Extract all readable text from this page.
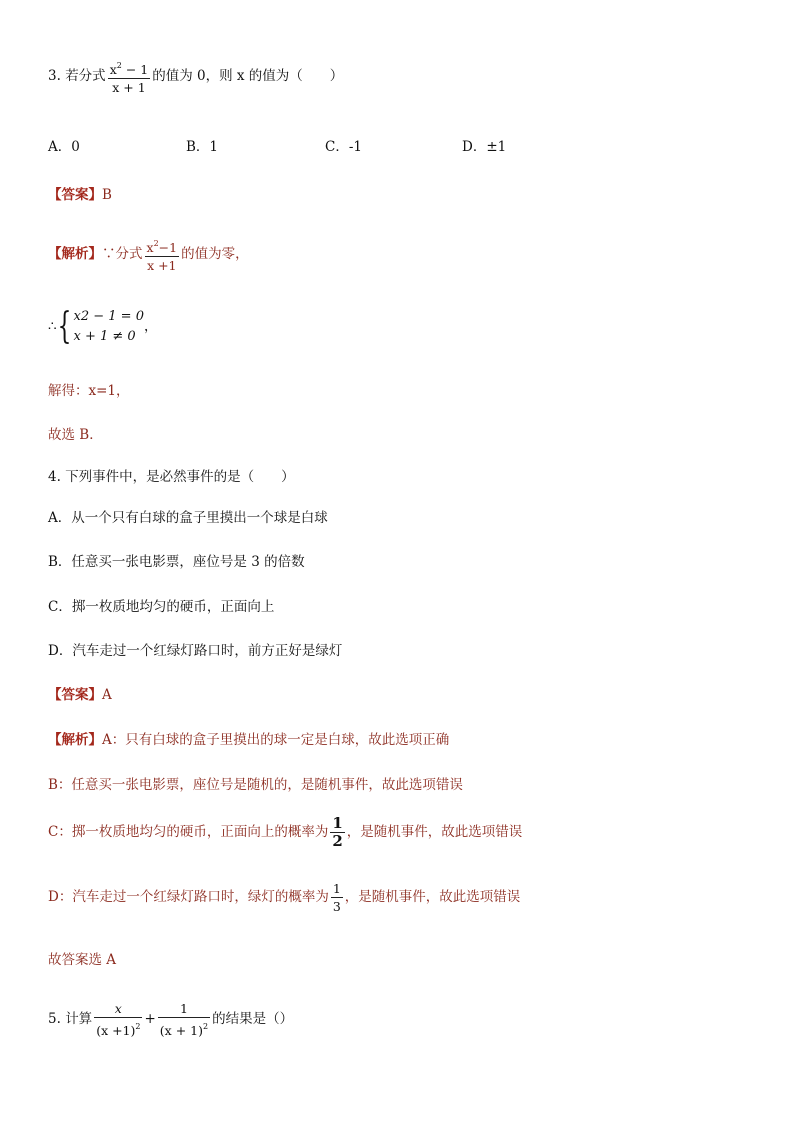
3. 若分式 $\frac{x^2 - 1}{x + 1}$ 的值为 0，则 x 的值为（　　）
A．0	B．1	C．-1	D．±1
【答案】B
【解析】∵分式 $\frac{x^2-1}{x +1}$ 的值为零，
∴{ x2 − 1 = 0
x + 1 ≠ 0
，
解得：x=1，
故选 B．
4. 下列事件中，是必然事件的是（　　）
A．从一个只有白球的盒子里摸出一个球是白球
B．任意买一张电影票，座位号是 3 的倍数
C．掷一枚质地均匀的硬币，正面向上
D．汽车走过一个红绿灯路口时，前方正好是绿灯
【答案】A
【解析】A：只有白球的盒子里摸出的球一定是白球，故此选项正确
B：任意买一张电影票，座位号是随机的，是随机事件，故此选项错误
C：掷一枚质地均匀的硬币，正面向上的概率为 $\frac{1}{2}$ ，是随机事件，故此选项错误
D：汽车走过一个红绿灯路口时，绿灯的概率为 $\frac{1}{3}$ ，是随机事件，故此选项错误
故答案选 A
5. 计算 $\frac{x}{(x +1)^2} + \frac{1}{(x + 1)^2}$ 的结果是（）
